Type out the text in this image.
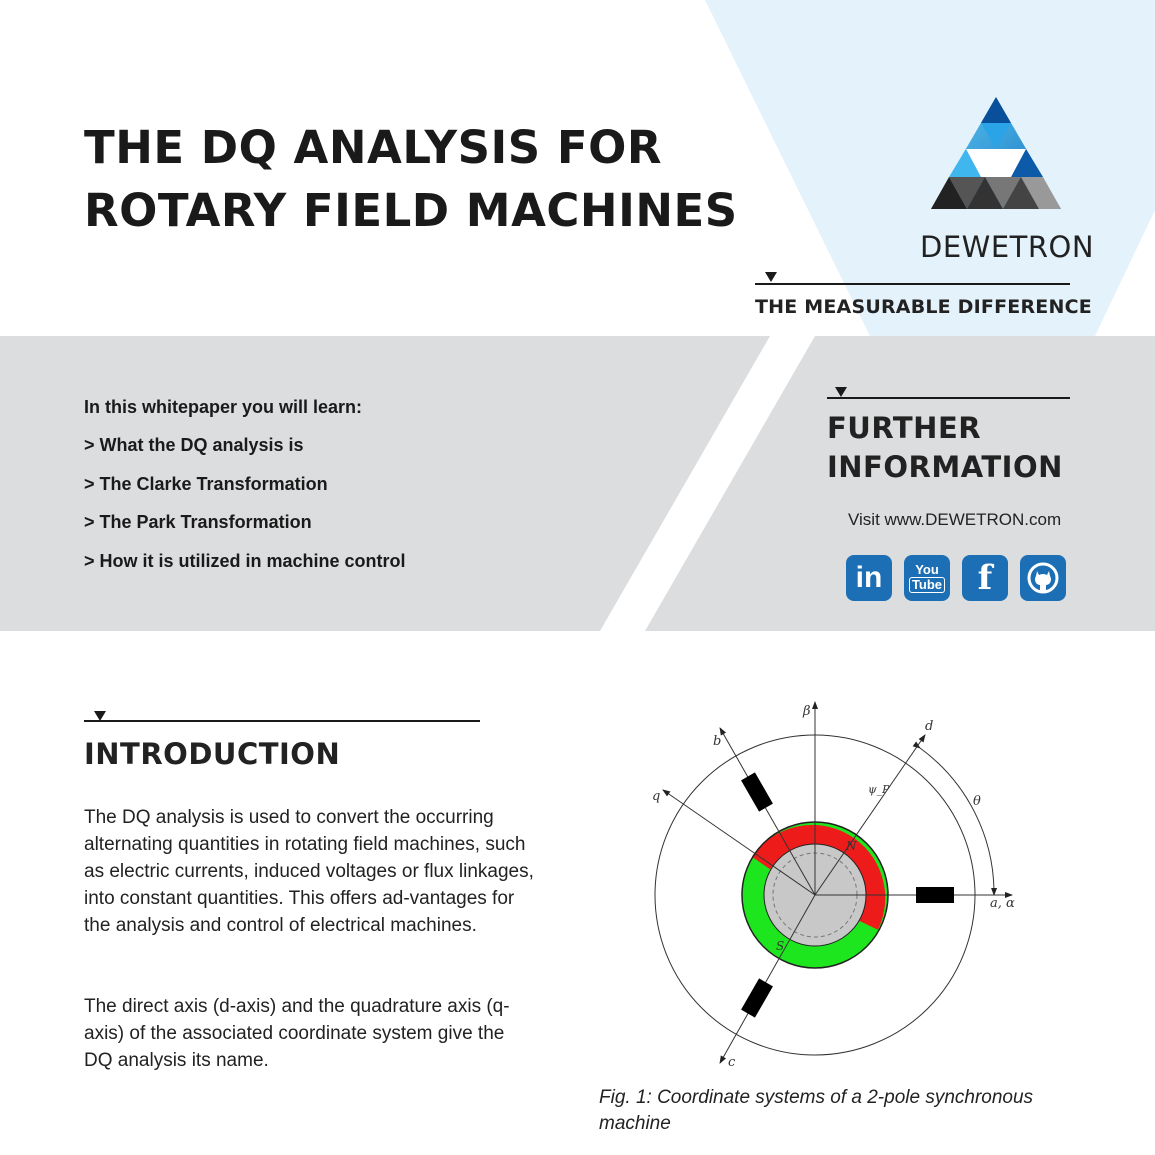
THE DQ ANALYSIS FOR
ROTARY FIELD MACHINES
DEWETRON
THE MEASURABLE DIFFERENCE
In this whitepaper you will learn:
> What the DQ analysis is
> The Clarke Transformation
> The Park Transformation
> How it is utilized in machine control
FURTHER
INFORMATION
Visit www.DEWETRON.com
in	You
Tube f
INTRODUCTION

The DQ analysis is used to convert the occurring alternating quantities in rotating field machines, such as electric currents, induced voltages or flux linkages, into constant quantities. This offers ad-vantages for the analysis and control of electrical machines.

The direct axis (d-axis) and the quadrature axis (q-axis) of the associated coordinate system give the DQ analysis its name.

β
b
d
q	ψ_P
θ
a, α
c
N
S
Fig. 1: Coordinate systems of a 2-pole synchronous machine
